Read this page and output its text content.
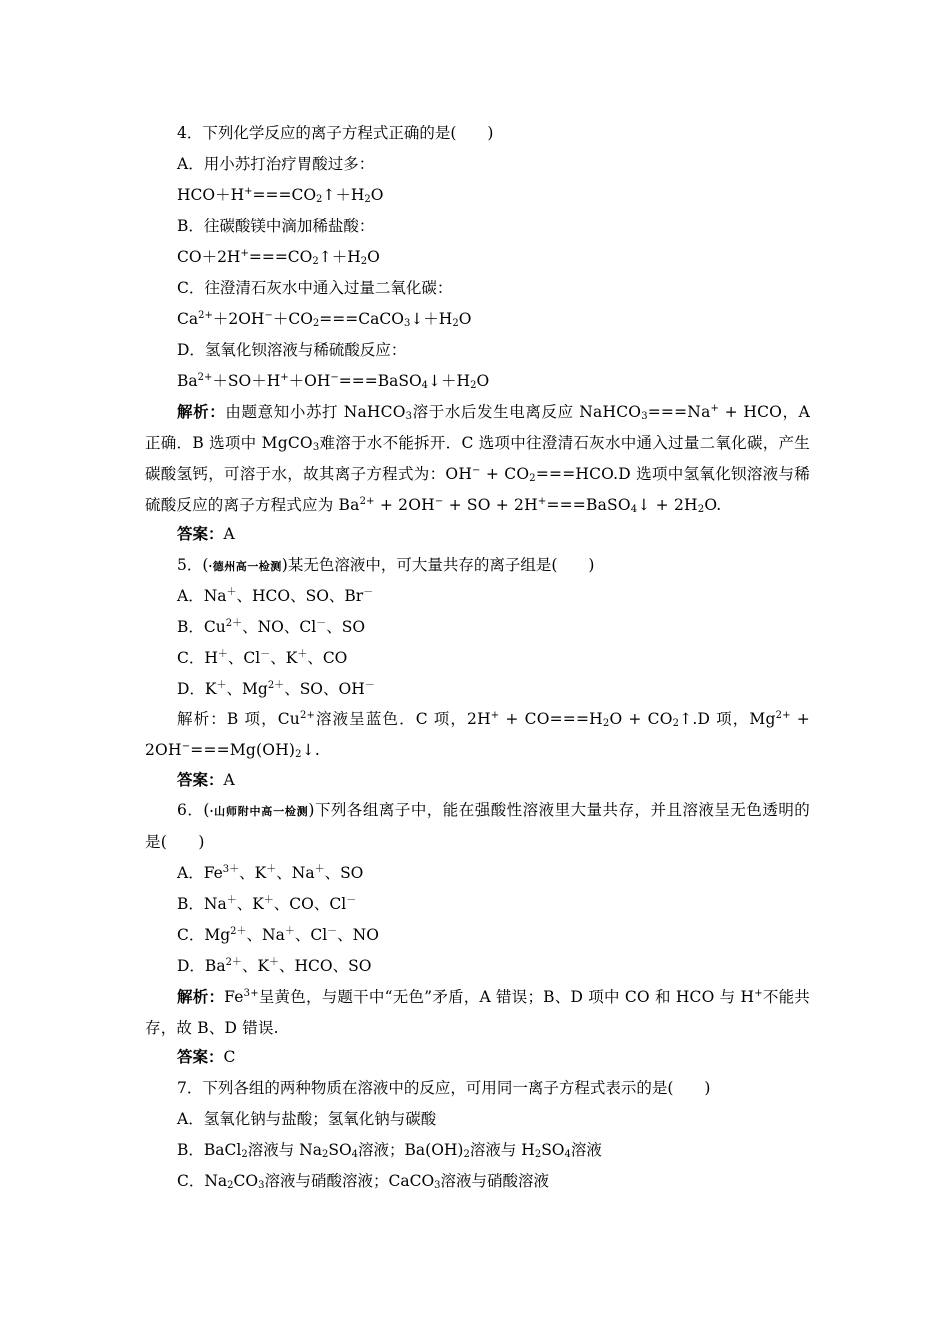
4．下列化学反应的离子方程式正确的是(　　)
A．用小苏打治疗胃酸过多：
$HCO+H^+===CO_2↑+H_2O$
B．往碳酸镁中滴加稀盐酸：
$CO+2H^+===CO_2↑+H_2O$
C．往澄清石灰水中通入过量二氧化碳：
$Ca^{2+}+2OH^-+CO_2===CaCO_3↓+H_2O$
D．氢氧化钡溶液与稀硫酸反应：
$Ba^{2+}+SO+H^++OH^-===BaSO_4↓+H_2O$
解析：由题意知小苏打 NaHCO$_3$溶于水后发生电离反应 NaHCO$_3$===Na+ + HCO，A 正确．B 选项中 MgCO$_3$难溶于水不能拆开．C 选项中往澄清石灰水中通入过量二氧化碳，产生碳酸氢钙，可溶于水，故其离子方程式为：$OH^- + CO_2===HCO.D$ 选项中氢氧化钡溶液与稀硫酸反应的离子方程式应为 $Ba^{2+} + 2OH^-$ + SO + 2H+===BaSO$_4$↓ + $2H_2O$.
答案：A
5．(·德州高一检测)某无色溶液中，可大量共存的离子组是(　　)
A．Na＋、HCO、SO、Br－
B．$Cu^{2+}$、NO、Cl－、SO
C．H＋、Cl－、K＋、CO
D．K＋、$Mg^{2+}$、SO、OH－
解析：B 项，$Cu^{2+}$溶液呈蓝色．C 项，$2H^+ + CO===H_2O$ + $CO_2↑.D$ 项，$Mg^{2+}$ + $2OH^-===Mg(OH)_2↓$.
答案：A
6．(·山师附中高一检测)下列各组离子中，能在强酸性溶液里大量共存，并且溶液呈无色透明的是(　　)
A．$Fe^{3+}$、K＋、Na＋、SO
B．Na＋、K＋、CO、Cl－
C．$Mg^{2+}$、Na＋、Cl－、NO
D．$Ba^{2+}$、K＋、HCO、SO
解析：$Fe^{3+}$呈黄色，与题干中“无色”矛盾，A 错误；B、D 项中 CO 和 HCO 与 H+不能共存，故 B、D 错误.
答案：C
7．下列各组的两种物质在溶液中的反应，可用同一离子方程式表示的是(　　)
A．氢氧化钠与盐酸；氢氧化钠与碳酸
B．BaCl$_2$溶液与 $Na_2SO_4$溶液；$Ba(OH)_2$溶液与 $H_2SO_4$溶液
C．$Na_2CO_3$溶液与硝酸溶液；CaCO$_3$溶液与硝酸溶液
